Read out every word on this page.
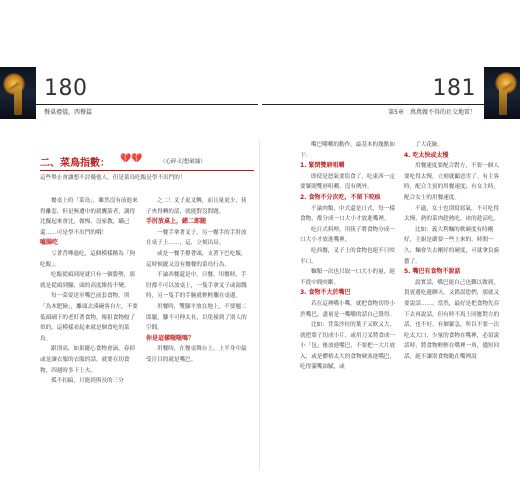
180
餐桌禮儀，西餐篇
181
第5章　萬萬做不得的社交地雷！
二、菜鳥指數： 💔💔	（心碎‧幻想破滅）
這些舉止會讓想不討優他人，但是菜鳥吃飯是學不出門的！

餐桌上的「菜鳥」，雖然沒有前進來得離套，但是無遭中的殺鷹箭者，講得比擬起來會比，做慢、沒家教，瞞己還……可是學不出門的哦！

噓腸吃

亏著背嘩過吃，這個模樣稱為「狗吃飯」。

吃飯從頭到尾就只有一個姿勢，那就是從頭到腳，頭的高度維持不變。

每一菜要送至嘴巴前套食物，別「為木肥臉」，離頭去湊碗客自左，不要低頭刷下的老盯著食物，像狙食物般了似的，這模樣看起來就是個食吃的菜鳥。

跟別高，如果擺心食物會滴，春掉或是讓衣服的衣服的話，就要在切食物，四週時多下上夫。

孤不扣搞，只能到與長的三分

之二！叉子更叉轉，而且量更少，筷子夾得轉的話，就能對沒問題。

手肘放桌上，錯二郎腿

一餐手拿著叉子，另一餐手的手肘放在桌子上……，這，立刻出局。

或是一餐手撐著頭，支著下巴吃飯，這時候擺又沒有餐餐的菜鳥行為。

不論西餐還是中，日餐，用餐時，手肘都不可以放桌上，一隻手拿叉子或湯瓢時，另一隻手的手腕就輕輕擱在桌邊。

用餐時，雙腳平放在地上，不要翹二郎腿，腳不可伸太長，以免撞到了別人的空間。

你是這樣嗤嗤嗎？

用餐時，在餐桌舞台上，上半身中最受注目的就是嘴巴。

嘴巴嚼嚼的動作，最基本的幾點如下：

1. 緊閉雙唇咀嚼

即使是怒氣要盜食了，吃東西一定要緊閉雙唇咀嚼，沒有例外。

2. 食物不分次吃，不留下咬痕

不論肉類，中式還是日式，每一樣食物，都分成一口大小才放進嘴裡。

吃日式料理，用筷子將食物分成一口大小才放進嘴裡。

吃西餐，叉子上的食物也絕不只咬半口。

麵類一次也只取一口大小的量，絕不從中間咬斷。

3. 食物不大於嘴巴

若在這裡嘴小嘴，就把食物切得小於嘴巴，盡量是一嘴嚼的話自己覺得。

比如：背菜沙拉的葉子又軟又大，就把葉子切成小片，或用刀叉將食成一小「包」後放進嘴巴，不要把一大片放入，或是體格太大的食物硬塞進嘴巴，吃得滿嘴油膩，或

了大花臉。

4. 吃太快或太慢

用餐速度要配合對方，不要一個人要吃得太慢，立刻就顯惡劣了。有主客時，配合主賓的用餐速度；有女主時，配合女士的用餐速度。

不過，女士也別寫寫氣，不可吃得太慢，熟的菜肉趁熱吃，冰的趁涼吃。

比如：義大利麵的軟硬度有時剛好，主廚是嚴要一些上來的，時間一久，麵會失去剛好的硬度，可就拿負廚藝了。

5. 嘴巴有食物不說話

說實話，嘴巴能自己也難以做到，貴賓邊吃邊聊天，又錯誤您們，那就又要說話……。當然，最好是把食物先吞下去再說話，但有時不馬上回應對方的話，也不好。有個緊急，所以不要一次吃太大口，少量的食物在嘴裡，必須說話時，將食物輕輕在嘴裡一角，儘短回話，絕不讓別食物跑在嘴裡說
